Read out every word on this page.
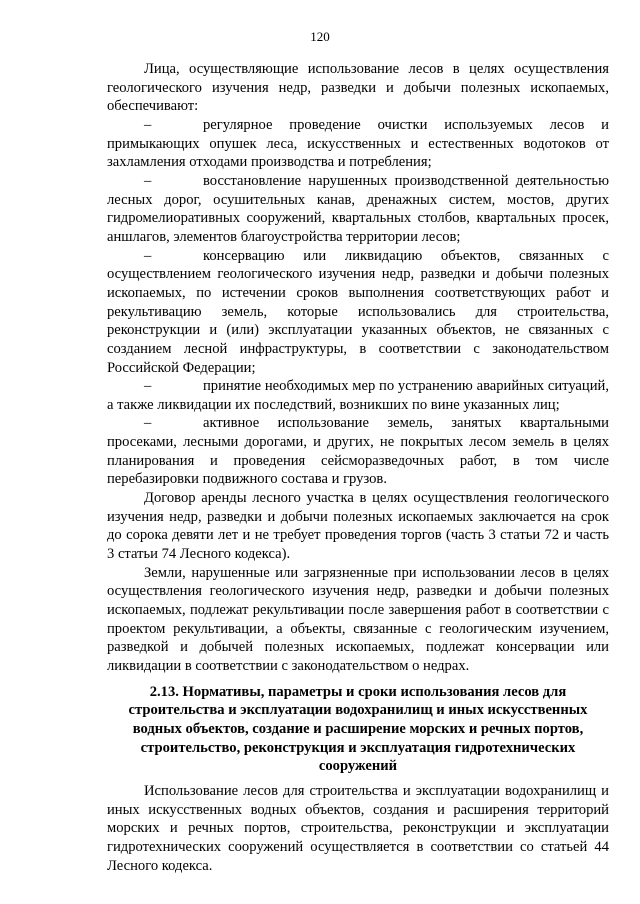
120

Лица, осуществляющие использование лесов в целях осуществления геологического изучения недр, разведки и добычи полезных ископаемых, обеспечивают:

–	регулярное проведение очистки используемых лесов и примыкающих опушек леса, искусственных и естественных водотоков от захламления отходами производства и потребления;

–	восстановление нарушенных производственной деятельностью лесных дорог, осушительных канав, дренажных систем, мостов, других гидромелиоративных сооружений, квартальных столбов, квартальных просек, аншлагов, элементов благоустройства территории лесов;

–	консервацию или ликвидацию объектов, связанных с осуществлением геологического изучения недр, разведки и добычи полезных ископаемых, по истечении сроков выполнения соответствующих работ и рекультивацию земель, которые использовались для строительства, реконструкции и (или) эксплуатации указанных объектов, не связанных с созданием лесной инфраструктуры, в соответствии с законодательством Российской Федерации;

–	принятие необходимых мер по устранению аварийных ситуаций, а также ликвидации их последствий, возникших по вине указанных лиц;

–	активное использование земель, занятых квартальными просеками, лесными дорогами, и других, не покрытых лесом земель в целях планирования и проведения сейсморазведочных работ, в том числе перебазировки подвижного состава и грузов.

Договор аренды лесного участка в целях осуществления геологического изучения недр, разведки и добычи полезных ископаемых заключается на срок до сорока девяти лет и не требует проведения торгов (часть 3 статьи 72 и часть 3 статьи 74 Лесного кодекса).

Земли, нарушенные или загрязненные при использовании лесов в целях осуществления геологического изучения недр, разведки и добычи полезных ископаемых, подлежат рекультивации после завершения работ в соответствии с проектом рекультивации, а объекты, связанные с геологическим изучением, разведкой и добычей полезных ископаемых, подлежат консервации или ликвидации в соответствии с законодательством о недрах.

2.13. Нормативы, параметры и сроки использования лесов для строительства и эксплуатации водохранилищ и иных искусственных водных объектов, создание и расширение морских и речных портов, строительство, реконструкция и эксплуатация гидротехнических сооружений

Использование лесов для строительства и эксплуатации водохранилищ и иных искусственных водных объектов, создания и расширения территорий морских и речных портов, строительства, реконструкции и эксплуатации гидротехнических сооружений осуществляется в соответствии со статьей 44 Лесного кодекса.
